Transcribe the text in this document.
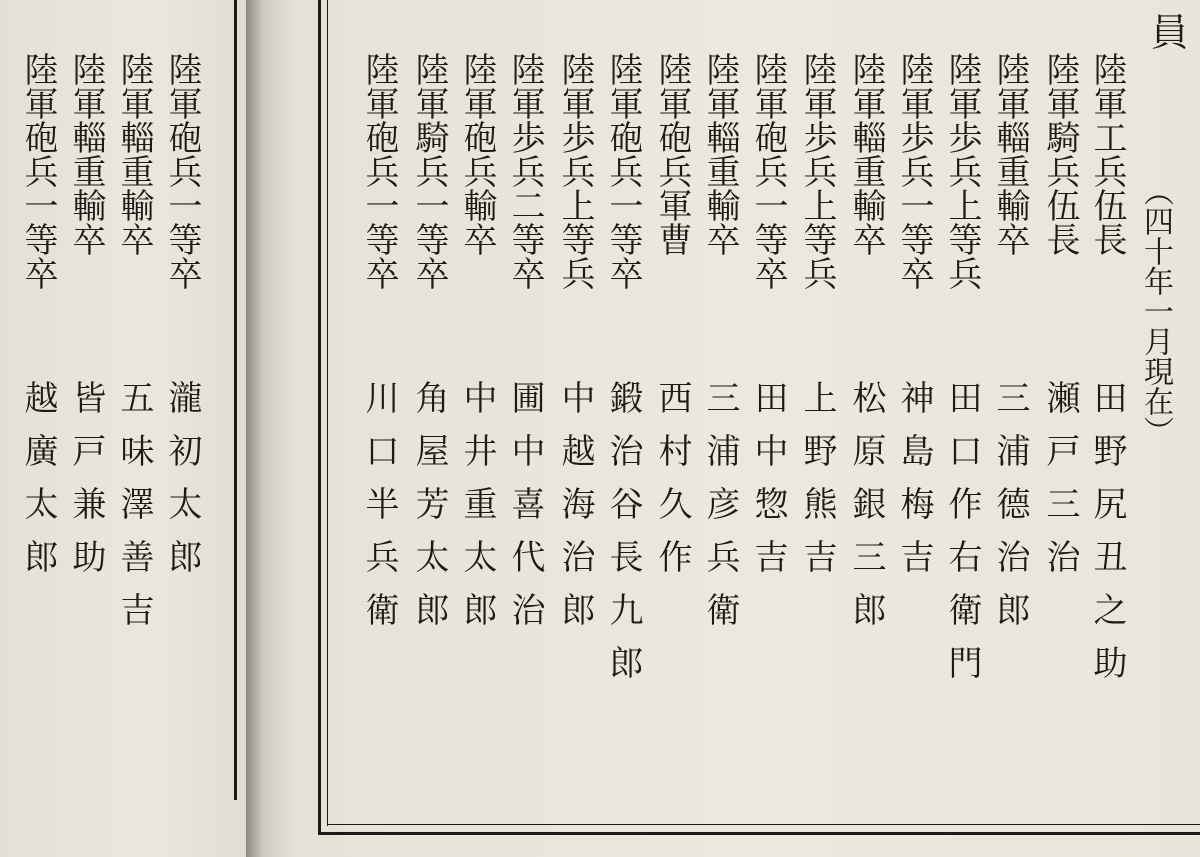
員
（四十年一月現在）
陸軍工兵伍長
田野尻丑之助
陸軍騎兵伍長
瀬戸三治
陸軍輜重輸卒
三浦德治郎
陸軍歩兵上等兵
田口作右衛門
陸軍歩兵一等卒
神島梅吉
陸軍輜重輸卒
松原銀三郎
陸軍歩兵上等兵
上野熊吉
陸軍砲兵一等卒
田中惣吉
陸軍輜重輸卒
三浦彦兵衛
陸軍砲兵軍曹
西村久作
陸軍砲兵一等卒
鍛治谷長九郎
陸軍歩兵上等兵
中越海治郎
陸軍歩兵二等卒
圃中喜代治
陸軍砲兵輸卒
中井重太郎
陸軍騎兵一等卒
角屋芳太郎
陸軍砲兵一等卒
川口半兵衛
陸軍砲兵一等卒
瀧初太郎
陸軍輜重輸卒
五味澤善吉
陸軍輜重輸卒
皆戸兼助
陸軍砲兵一等卒
越廣太郎
